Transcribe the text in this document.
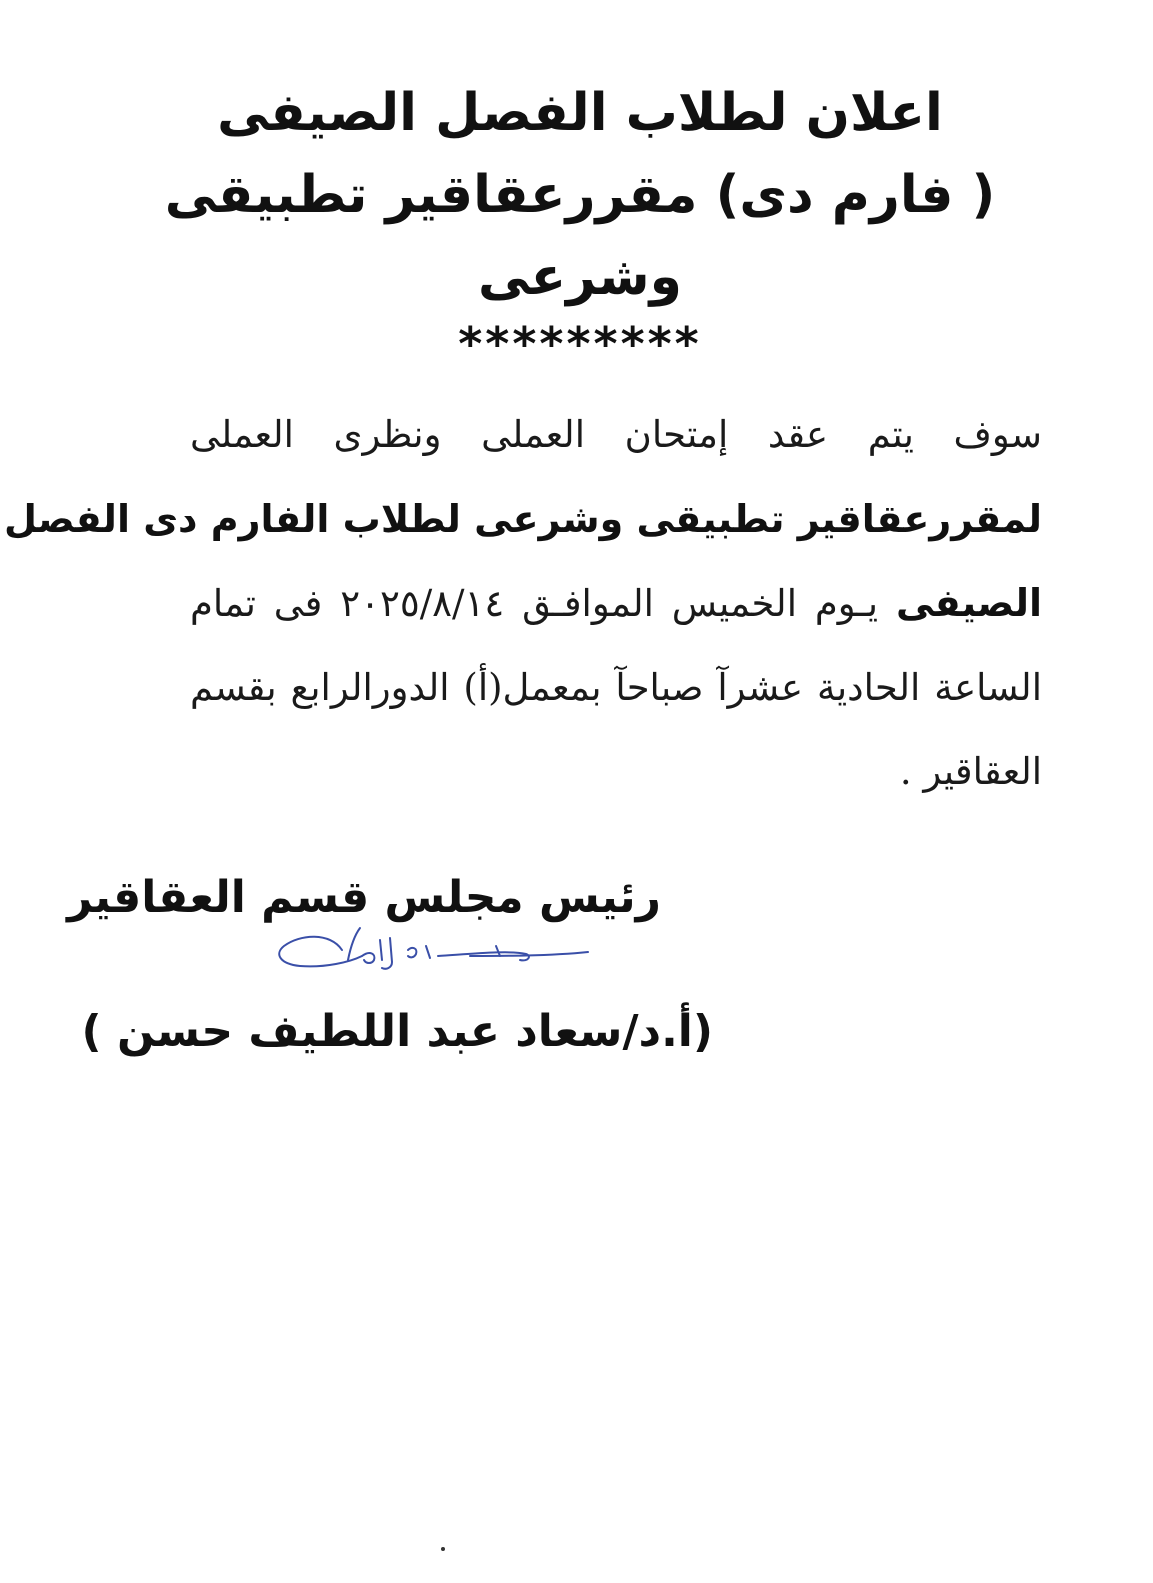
اعلان لطلاب الفصل الصيفى
( فارم دى) مقررعقاقير تطبيقى
وشرعى
*********
سوف يتم عقد إمتحان العملى ونظرى العملى
لمقررعقاقير تطبيقى وشرعى لطلاب الفارم دى الفصل
الصيفى يـوم الخميس الموافـق ٢٠٢٥/٨/١٤ فى تمام
الساعة الحادية عشرآ صباحآ بمعمل(أ) الدورالرابع بقسم
العقاقير .
رئيس مجلس قسم العقاقير
(أ.د/سعاد عبد اللطيف حسن )
